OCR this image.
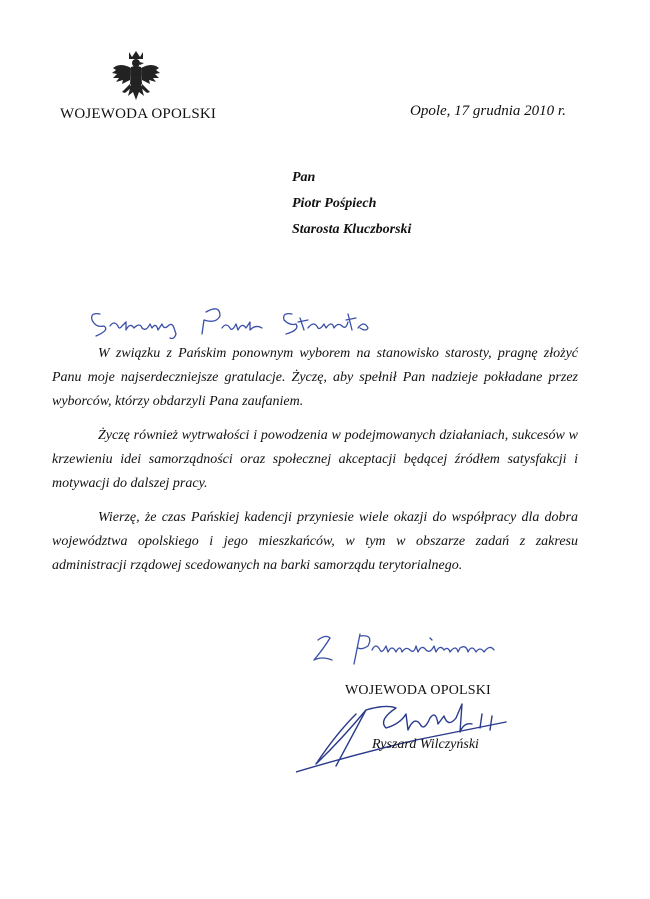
WOJEWODA OPOLSKI	Opole, 17 grudnia 2010 r.
Pan
Piotr Pośpiech
Starosta Kluczborski

W związku z Pańskim ponownym wyborem na stanowisko starosty, pragnę złożyć Panu moje najserdeczniejsze gratulacje. Życzę, aby spełnił Pan nadzieje pokładane przez wyborców, którzy obdarzyli Pana zaufaniem.

Życzę również wytrwałości i powodzenia w podejmowanych działaniach, sukcesów w krzewieniu idei samorządności oraz społecznej akceptacji będącej źródłem satysfakcji i motywacji do dalszej pracy.

Wierzę, że czas Pańskiej kadencji przyniesie wiele okazji do współpracy dla dobra województwa opolskiego i jego mieszkańców, w tym w obszarze zadań z zakresu administracji rządowej scedowanych na barki samorządu terytorialnego.

WOJEWODA OPOLSKI
Ryszard Wilczyński
